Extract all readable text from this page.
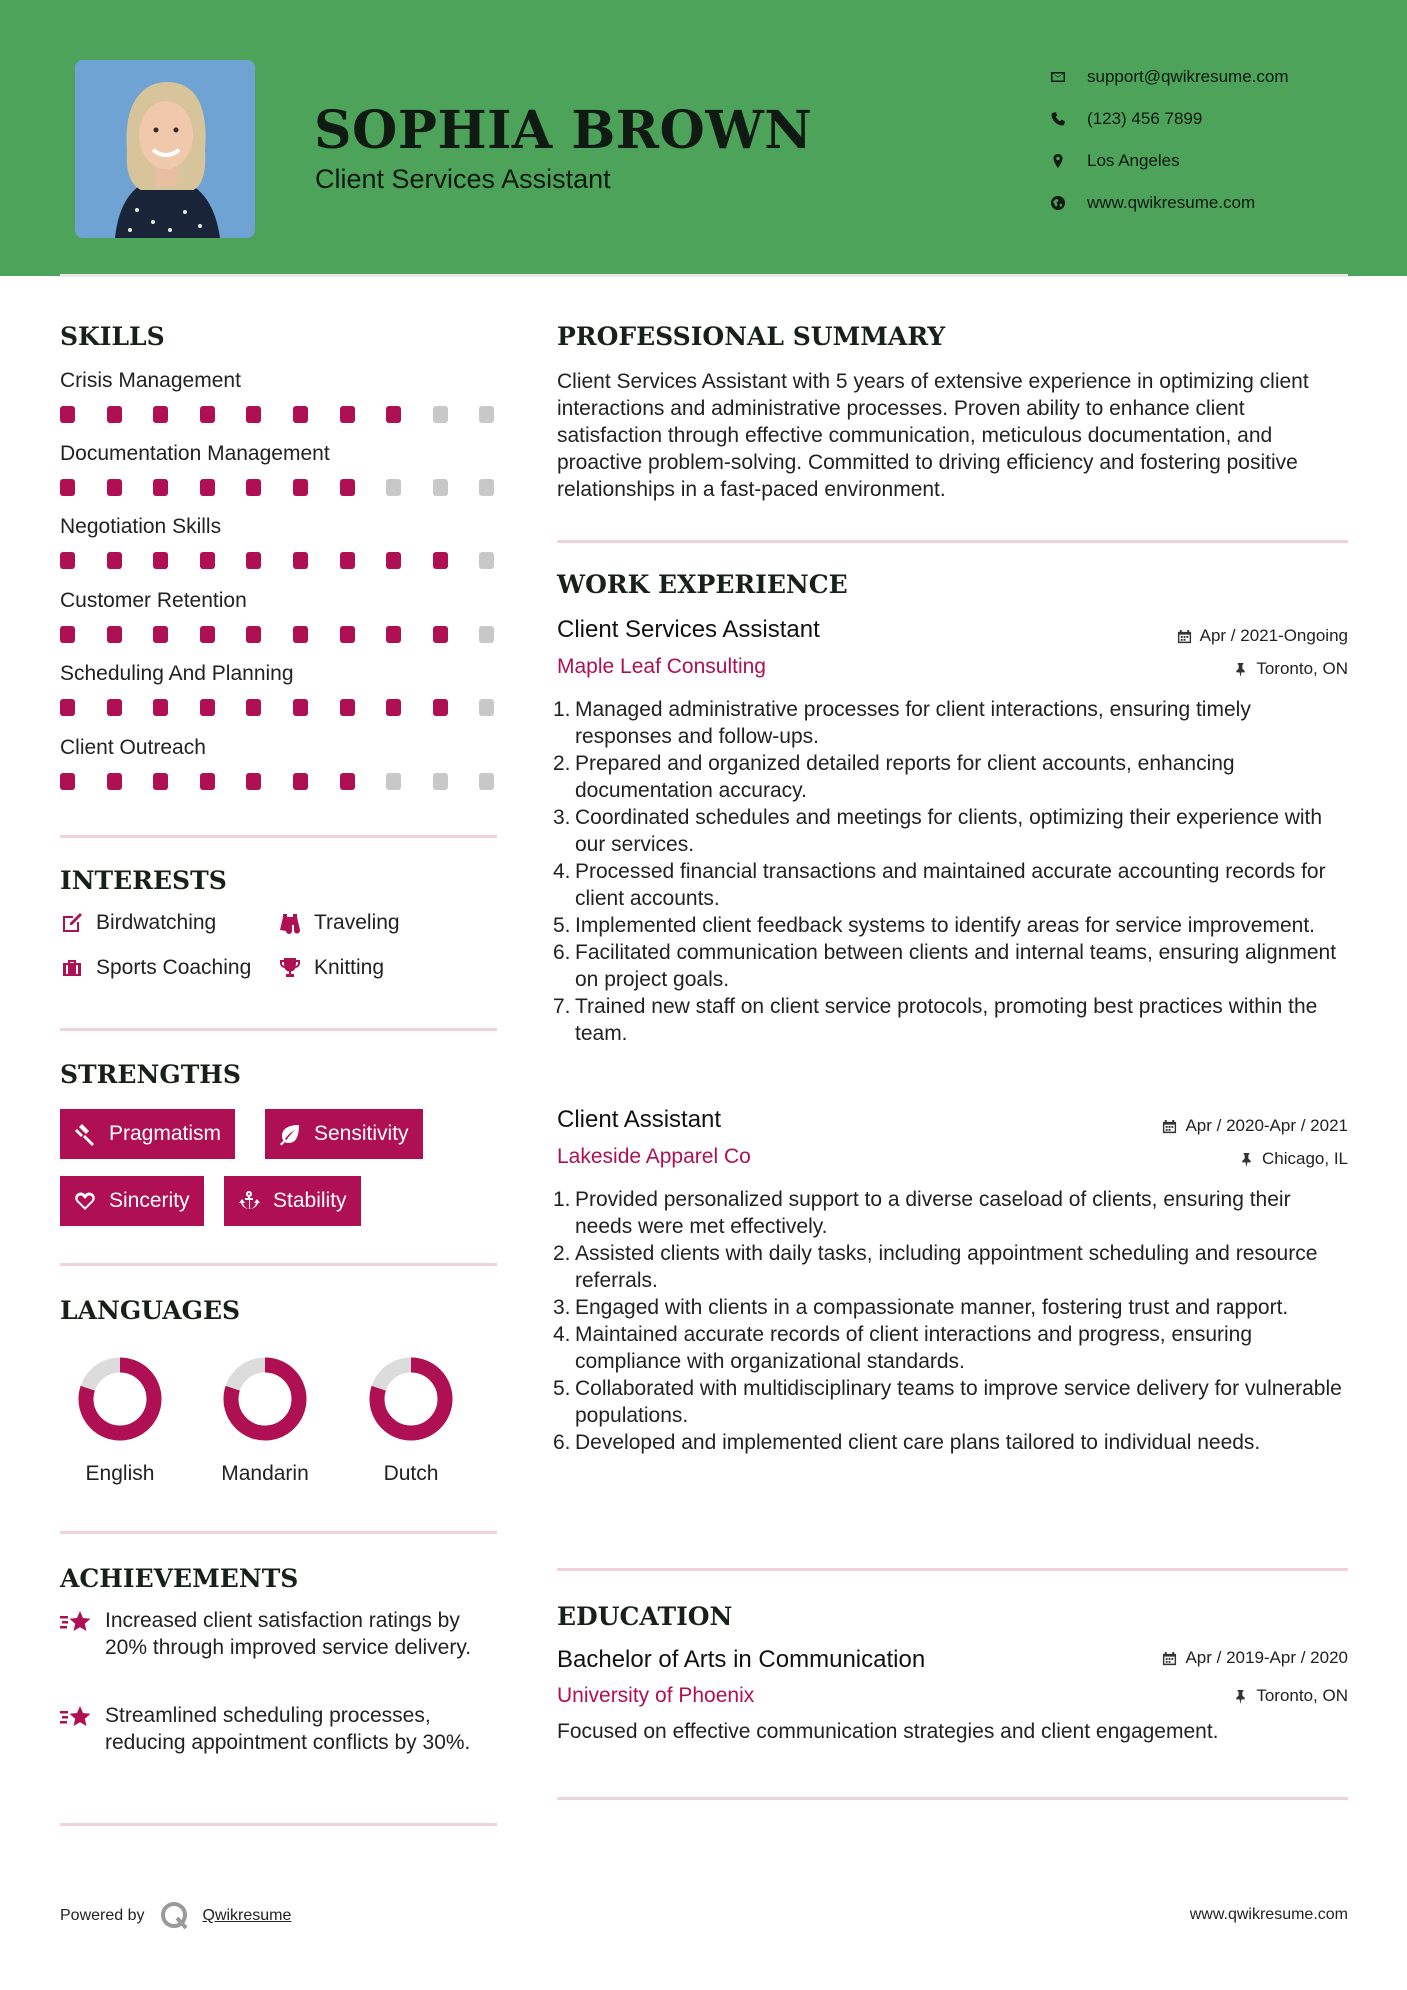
SOPHIA BROWN
Client Services Assistant
support@qwikresume.com
(123) 456 7899
Los Angeles
www.qwikresume.com
SKILLS
Crisis Management
Documentation Management
Negotiation Skills
Customer Retention
Scheduling And Planning
Client Outreach
INTERESTS
Birdwatching	Traveling
Sports Coaching	Knitting
STRENGTHS
Pragmatism	Sensitivity
Sincerity	Stability
LANGUAGES
English	Mandarin	Dutch
ACHIEVEMENTS
Increased client satisfaction ratings by 20% through improved service delivery.
Streamlined scheduling processes, reducing appointment conflicts by 30%.
PROFESSIONAL SUMMARY
Client Services Assistant with 5 years of extensive experience in optimizing client interactions and administrative processes. Proven ability to enhance client satisfaction through effective communication, meticulous documentation, and proactive problem-solving. Committed to driving efficiency and fostering positive relationships in a fast-paced environment.
WORK EXPERIENCE
Client Services Assistant	Apr / 2021-Ongoing
Maple Leaf Consulting	Toronto, ON
1. Managed administrative processes for client interactions, ensuring timely responses and follow-ups.
2. Prepared and organized detailed reports for client accounts, enhancing documentation accuracy.
3. Coordinated schedules and meetings for clients, optimizing their experience with our services.
4. Processed financial transactions and maintained accurate accounting records for client accounts.
5. Implemented client feedback systems to identify areas for service improvement.
6. Facilitated communication between clients and internal teams, ensuring alignment on project goals.
7. Trained new staff on client service protocols, promoting best practices within the team.
Client Assistant	Apr / 2020-Apr / 2021
Lakeside Apparel Co	Chicago, IL
1. Provided personalized support to a diverse caseload of clients, ensuring their needs were met effectively.
2. Assisted clients with daily tasks, including appointment scheduling and resource referrals.
3. Engaged with clients in a compassionate manner, fostering trust and rapport.
4. Maintained accurate records of client interactions and progress, ensuring compliance with organizational standards.
5. Collaborated with multidisciplinary teams to improve service delivery for vulnerable populations.
6. Developed and implemented client care plans tailored to individual needs.
EDUCATION
Bachelor of Arts in Communication	Apr / 2019-Apr / 2020
University of Phoenix	Toronto, ON
Focused on effective communication strategies and client engagement.
Powered by	Qwikresume	www.qwikresume.com
